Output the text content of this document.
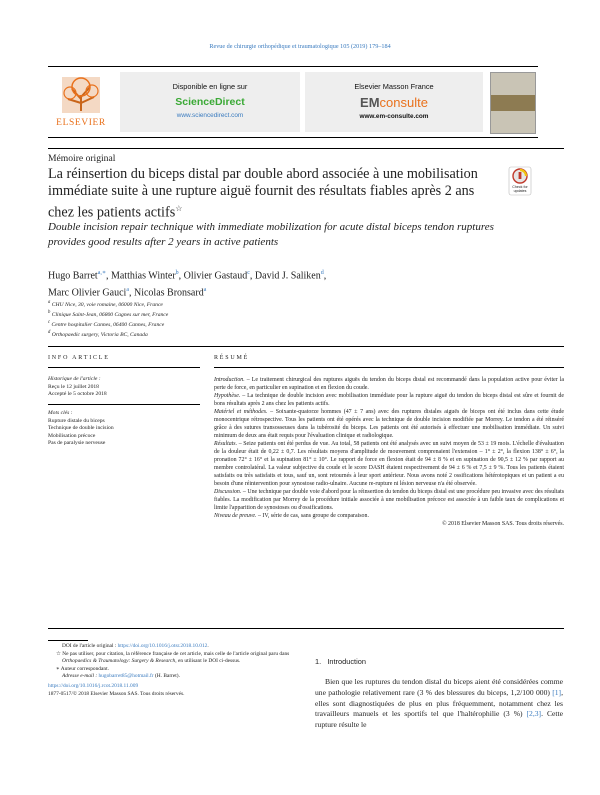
Revue de chirurgie orthopédique et traumatologique 105 (2019) 179–184
ELSEVIER
Disponible en ligne sur
ScienceDirect
www.sciencedirect.com
Elsevier Masson France
EMconsulte
www.em-consulte.com
Mémoire original
La réinsertion du biceps distal par double abord associée à une mobilisation immédiate suite à une rupture aiguë fournit des résultats fiables après 2 ans chez les patients actifs☆
Check for
updates
Double incision repair technique with immediate mobilization for acute distal biceps tendon ruptures provides good results after 2 years in active patients
Hugo Barret$^{a,∗}$, Matthias Winter$^b$, Olivier Gastaud$^c$, David J. Saliken$^d$,
Marc Olivier Gauci$^a$, Nicolas Bronsard$^a$
$^a$ CHU Nice, 30, voie romaine, 06000 Nice, France
$^b$ Clinique Saint-Jean, 06800 Cagnes sur mer, France
$^c$ Centre hospitalier Cannes, 06400 Cannes, France
$^d$ Orthopaedic surgery, Victoria BC, Canada
INFO ARTICLE
Historique de l'article :
Reçu le 12 juillet 2018
Accepté le 5 octobre 2018
Mots clés :
Rupture distale du biceps
Technique de double incision
Mobilisation précoce
Pas de paralysie nerveuse
RÉSUMÉ
Introduction. – Le traitement chirurgical des ruptures aiguës du tendon du biceps distal est recommandé dans la population active pour éviter la perte de force, en particulier en supination et en flexion du coude.
Hypothèse. – La technique de double incision avec mobilisation immédiate pour la rupture aiguë du tendon du biceps distal est sûre et fournit de bons résultats après 2 ans chez les patients actifs.
Matériel et méthodes. – Soixante-quatorze hommes (47 ± 7 ans) avec des ruptures distales aiguës de biceps ont été inclus dans cette étude monocentrique rétrospective. Tous les patients ont été opérés avec la technique de double incision modifiée par Morrey. Le tendon a été réinséré grâce à des sutures transosseuses dans la tubérosité du biceps. Les patients ont été autorisés à effectuer une mobilisation immédiate. Un suivi minimum de deux ans était requis pour l'évaluation clinique et radiologique.
Résultats. – Seize patients ont été perdus de vue. Au total, 58 patients ont été analysés avec un suivi moyen de 53 ± 19 mois. L'échelle d'évaluation de la douleur était de 0,22 ± 0,7. Les résultats moyens d'amplitude de mouvement comprenaient l'extension – 1° ± 2°, la flexion 138° ± 6°, la pronation 72° ± 16° et la supination 81° ± 10°. Le rapport de force en flexion était de 94 ± 8 % et en supination de 90,5 ± 12 % par rapport au membre controlatéral. La valeur subjective du coude et le score DASH étaient respectivement de 94 ± 6 % et 7,5 ± 9 %. Tous les patients étaient satisfaits ou très satisfaits et tous, sauf un, sont retournés à leur sport antérieur. Nous avons noté 2 ossifications hétérotopiques et un patient a eu besoin d'une réintervention pour synostose radio-ulnaire. Aucune re-rupture ni lésion nerveuse n'a été observée.
Discussion. – Une technique par double voie d'abord pour la réinsertion du tendon du biceps distal est une procédure peu invasive avec des résultats fiables. La modification par Morrey de la procédure initiale associée à une mobilisation précoce est associée à un faible taux de complications et limite l'apparition de synostoses ou d'ossifications.
Niveau de preuve. – IV, série de cas, sans groupe de comparaison.
© 2018 Elsevier Masson SAS. Tous droits réservés.
DOI de l'article original : https://doi.org/10.1016/j.otsr.2018.10.012.
☆ Ne pas utiliser, pour citation, la référence française de cet article, mais celle de l'article original paru dans Orthopaedics & Traumatology: Surgery & Research, en utilisant le DOI ci-dessus.
∗ Auteur correspondant.
Adresse e-mail : hugobarret85@hotmail.fr (H. Barret).
https://doi.org/10.1016/j.rcot.2018.11.009
1877-0517/© 2018 Elsevier Masson SAS. Tous droits réservés.
1. Introduction
Bien que les ruptures du tendon distal du biceps aient été considérées comme une pathologie relativement rare (3 % des blessures du biceps, 1,2/100 000) [1], elles sont diagnostiquées de plus en plus fréquemment, notamment chez les travailleurs manuels et les sportifs tel que l'haltérophilie (3 %) [2,3]. Cette rupture résulte le
